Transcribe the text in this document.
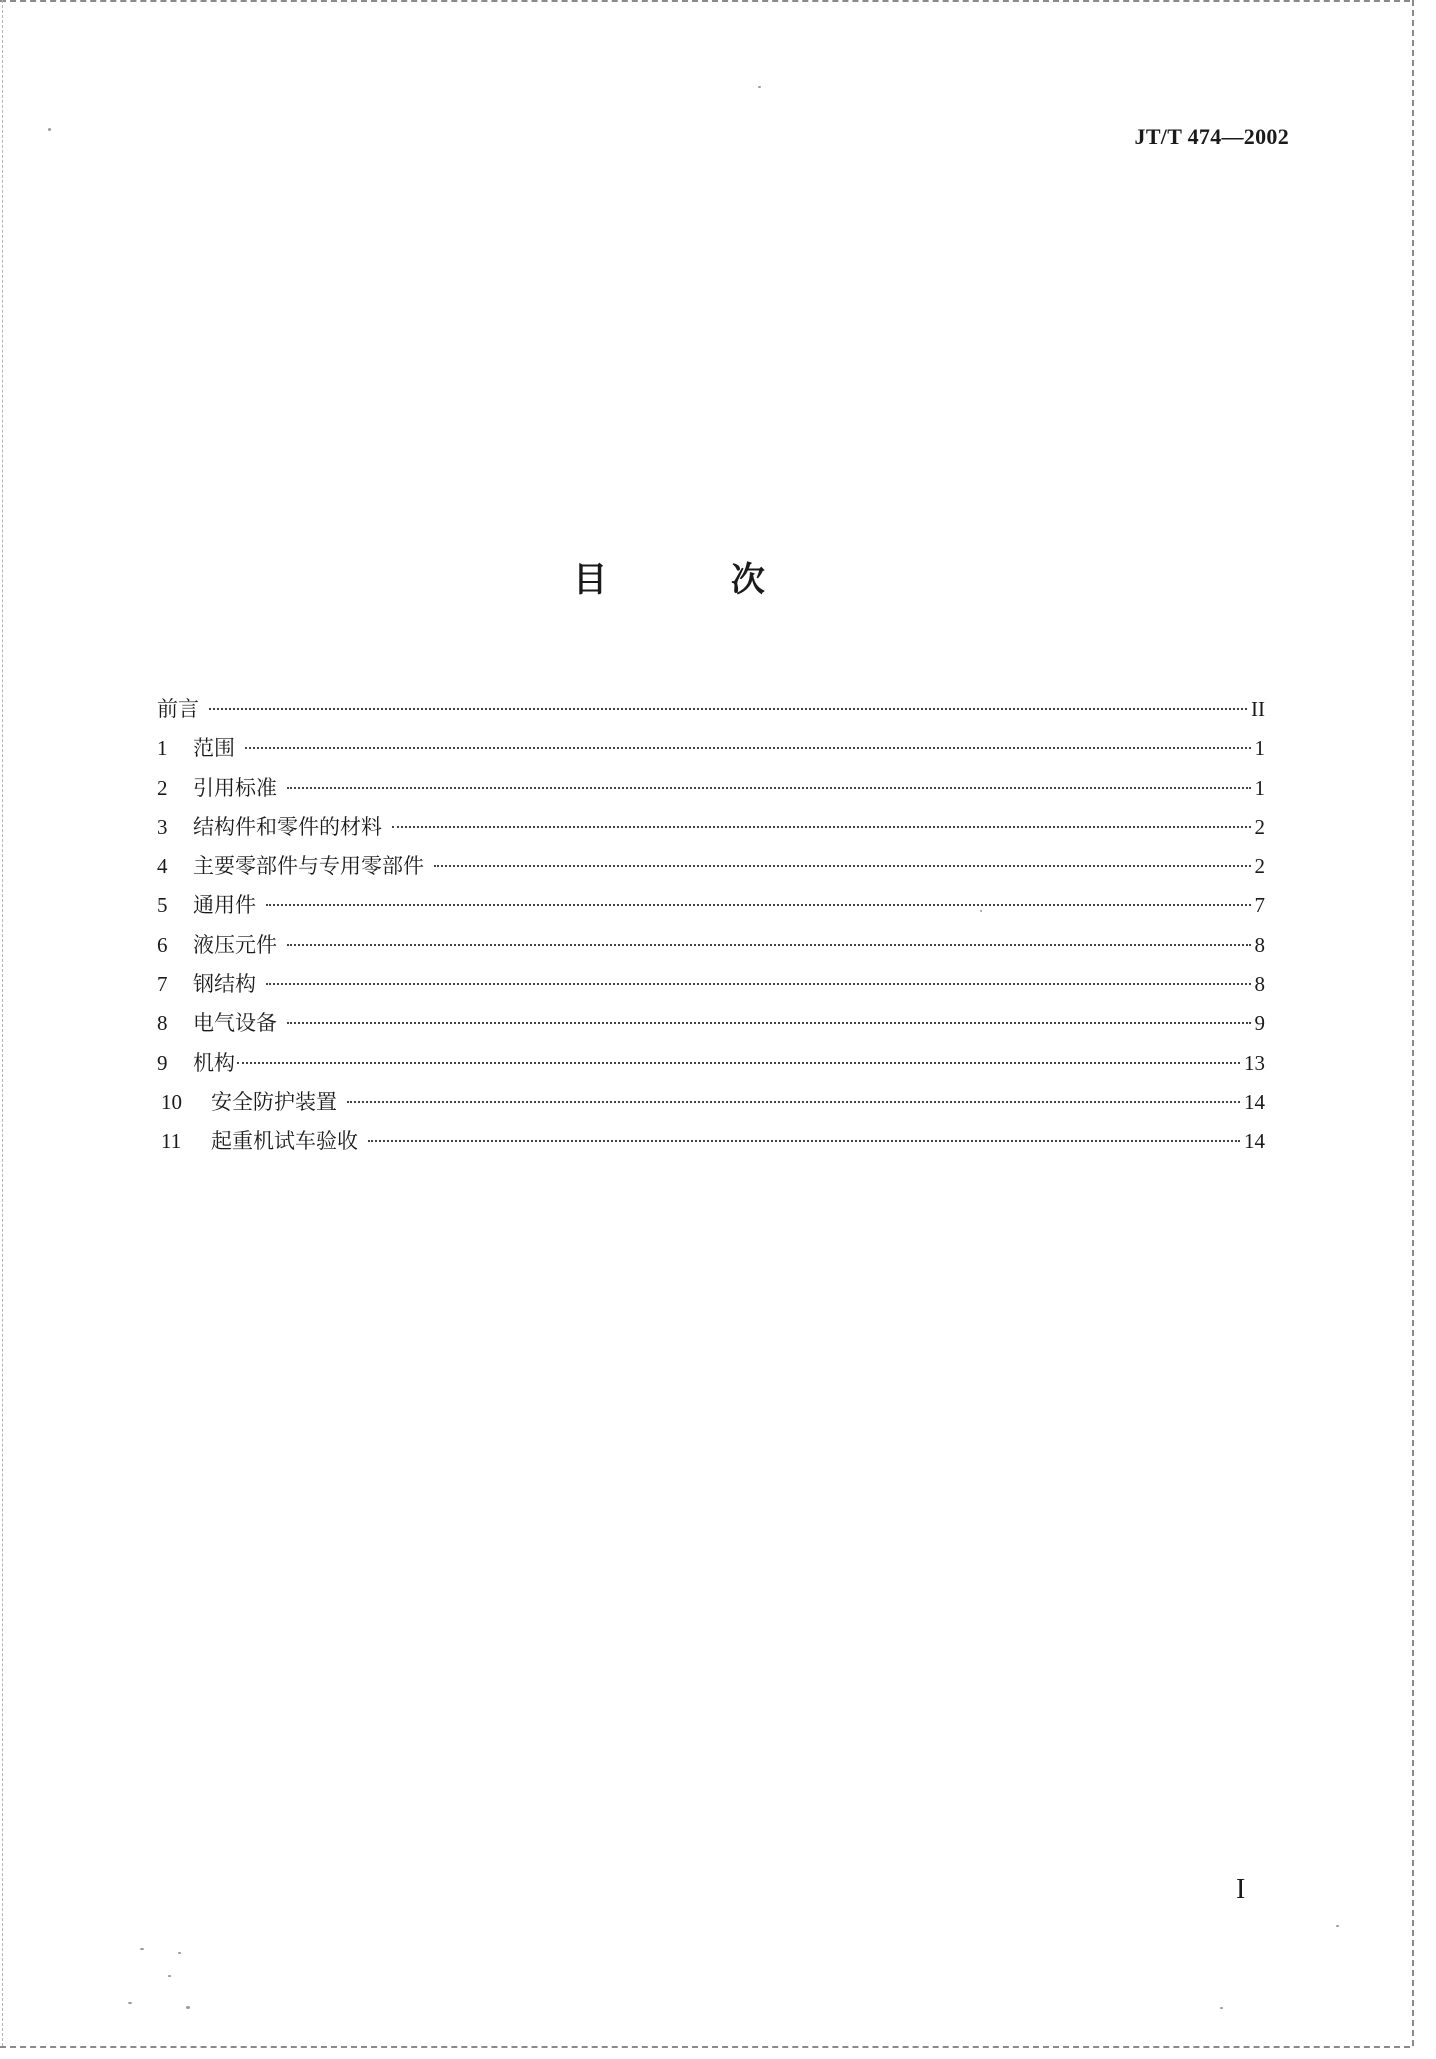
JT/T 474—2002
目 次
前言	II
1	范围	1
2	引用标准	1
3	结构件和零件的材料	2
4	主要零部件与专用零部件	2
5	通用件	7
6	液压元件	8
7	钢结构	8
8	电气设备	9
9	机构	13
10	安全防护装置	14
11	起重机试车验收	14
I
